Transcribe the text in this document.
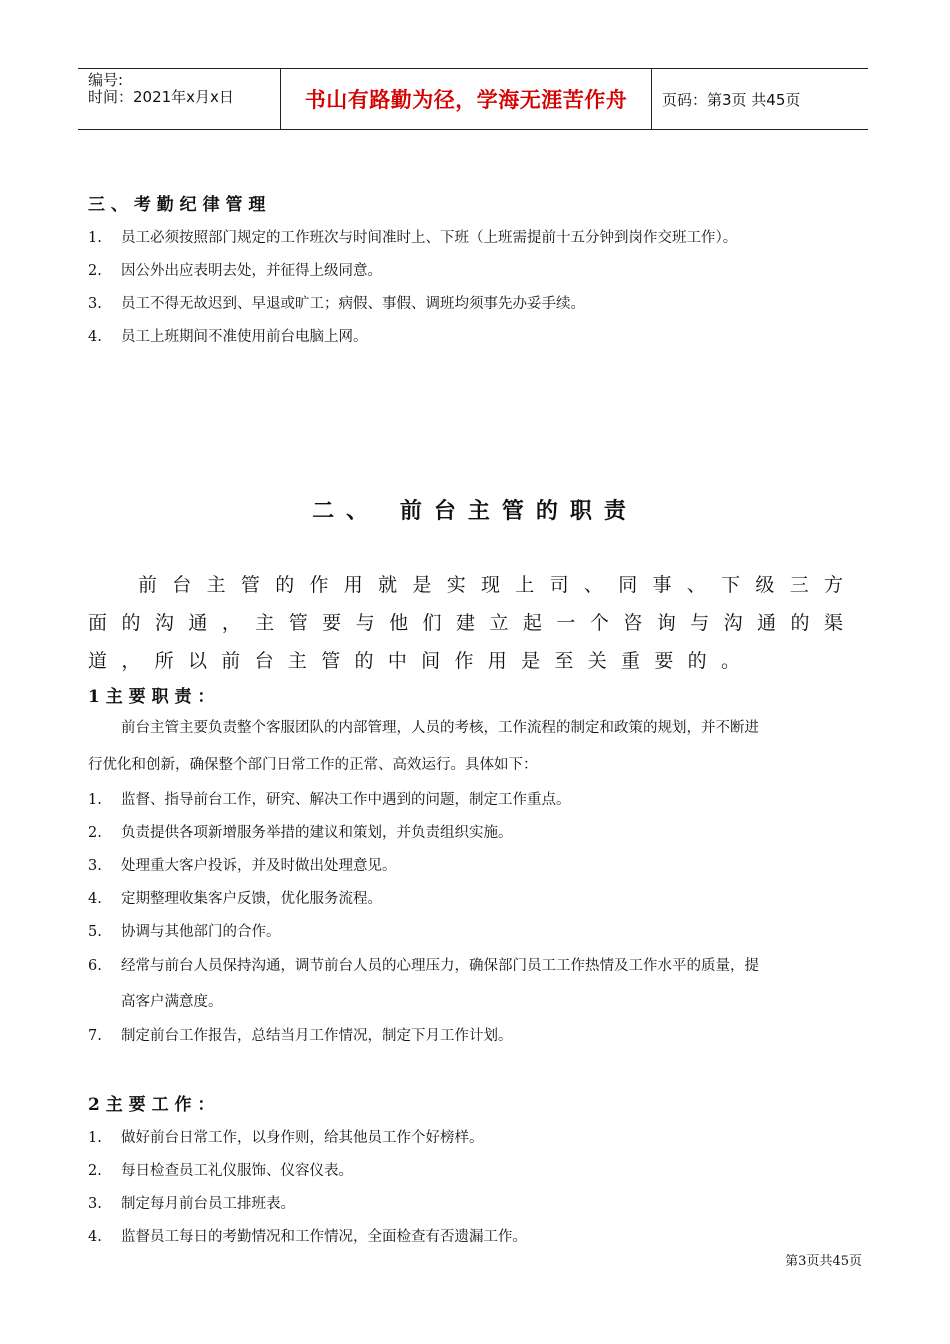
编号:
时间：2021年x月x日	书山有路勤为径，学海无涯苦作舟	页码：第3页 共45页
三 、 考 勤 纪 律 管 理
1. 员工必须按照部门规定的工作班次与时间准时上、下班（上班需提前十五分钟到岗作交班工作）。
2. 因公外出应表明去处，并征得上级同意。
3. 员工不得无故迟到、早退或旷工；病假、事假、调班均须事先办妥手续。
4. 员工上班期间不准使用前台电脑上网。
二、 前台主管的职责
前 台 主 管 的 作 用 就 是 实 现 上 司 、 同 事 、 下 级 三 方
面 的 沟 通 ， 主 管 要 与 他 们 建 立 起 一 个 咨 询 与 沟 通 的 渠
道 ， 所 以 前 台 主 管 的 中 间 作 用 是 至 关 重 要 的 。
1 主 要 职 责 ：
前台主管主要负责整个客服团队的内部管理，人员的考核，工作流程的制定和政策的规划，并不断进
行优化和创新，确保整个部门日常工作的正常、高效运行。具体如下：
1. 监督、指导前台工作，研究、解决工作中遇到的问题，制定工作重点。
2. 负责提供各项新增服务举措的建议和策划，并负责组织实施。
3. 处理重大客户投诉，并及时做出处理意见。
4. 定期整理收集客户反馈，优化服务流程。
5. 协调与其他部门的合作。
6. 经常与前台人员保持沟通，调节前台人员的心理压力，确保部门员工工作热情及工作水平的质量，提
高客户满意度。
7. 制定前台工作报告，总结当月工作情况，制定下月工作计划。
2 主 要 工 作 ：
1. 做好前台日常工作，以身作则，给其他员工作个好榜样。
2. 每日检查员工礼仪服饰、仪容仪表。
3. 制定每月前台员工排班表。
4. 监督员工每日的考勤情况和工作情况，全面检查有否遗漏工作。
第3页共45页
